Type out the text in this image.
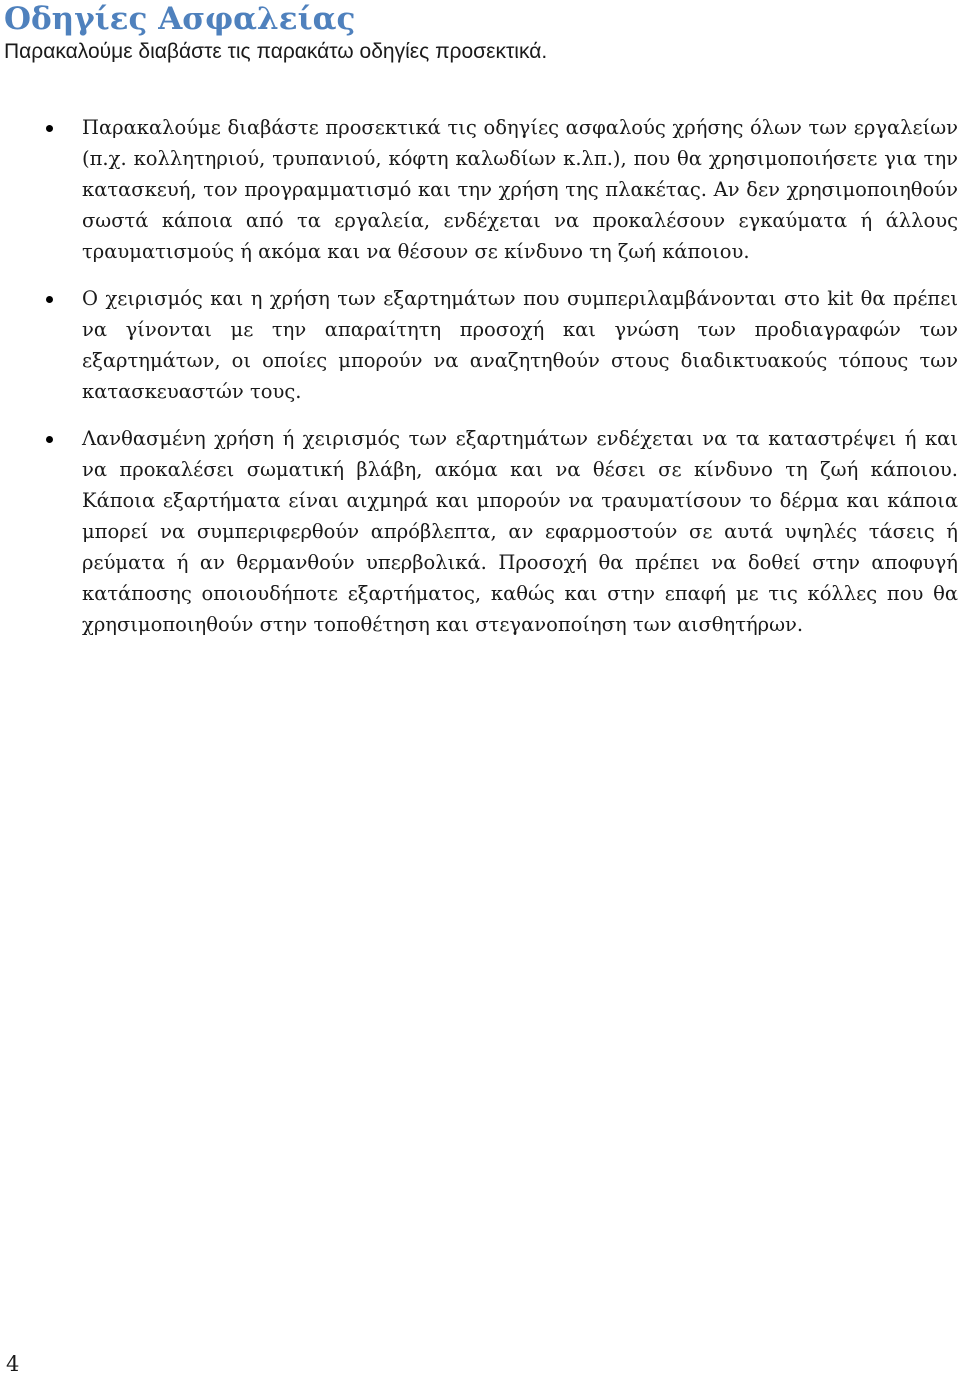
Οδηγίες Ασφαλείας

Παρακαλούμε διαβάστε τις παρακάτω οδηγίες προσεκτικά.

Παρακαλούμε διαβάστε προσεκτικά τις οδηγίες ασφαλούς χρήσης όλων των εργαλείων (π.χ. κολλητηριού, τρυπανιού, κόφτη καλωδίων κ.λπ.), που θα χρησιμοποιήσετε για την κατασκευή, τον προγραμματισμό και την χρήση της πλακέτας. Αν δεν χρησιμοποιηθούν σωστά κάποια από τα εργαλεία, ενδέχεται να προκαλέσουν εγκαύματα ή άλλους τραυματισμούς ή ακόμα και να θέσουν σε κίνδυνο τη ζωή κάποιου.
Ο χειρισμός και η χρήση των εξαρτημάτων που συμπεριλαμβάνονται στο kit θα πρέπει να γίνονται με την απαραίτητη προσοχή και γνώση των προδιαγραφών των εξαρτημάτων, οι οποίες μπορούν να αναζητηθούν στους διαδικτυακούς τόπους των κατασκευαστών τους.
Λανθασμένη χρήση ή χειρισμός των εξαρτημάτων ενδέχεται να τα καταστρέψει ή και να προκαλέσει σωματική βλάβη, ακόμα και να θέσει σε κίνδυνο τη ζωή κάποιου. Κάποια εξαρτήματα είναι αιχμηρά και μπορούν να τραυματίσουν το δέρμα και κάποια μπορεί να συμπεριφερθούν απρόβλεπτα, αν εφαρμοστούν σε αυτά υψηλές τάσεις ή ρεύματα ή αν θερμανθούν υπερβολικά. Προσοχή θα πρέπει να δοθεί στην αποφυγή κατάποσης οποιουδήποτε εξαρτήματος, καθώς και στην επαφή με τις κόλλες που θα χρησιμοποιηθούν στην τοποθέτηση και στεγανοποίηση των αισθητήρων.

4
